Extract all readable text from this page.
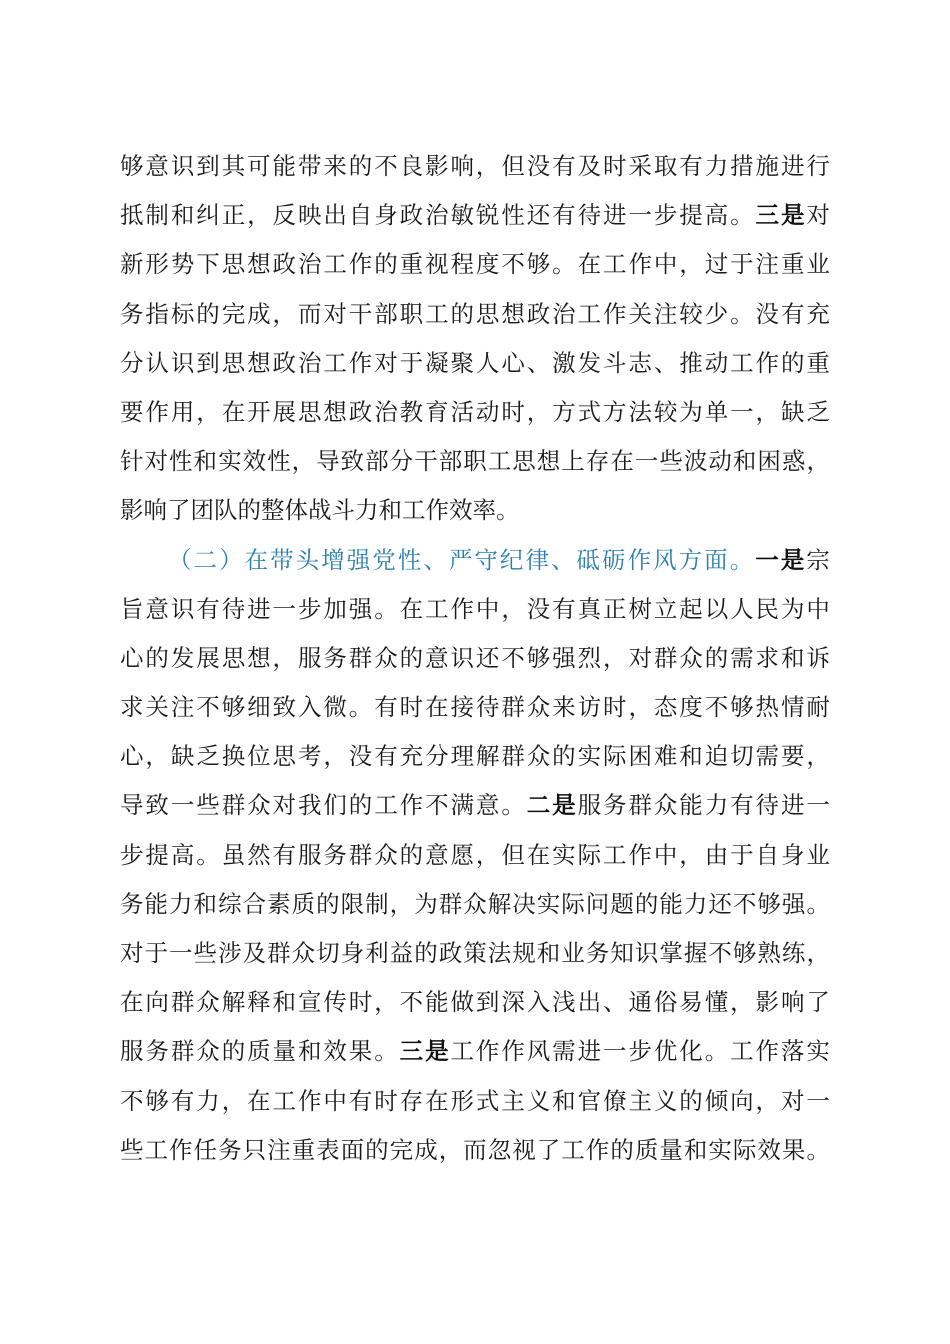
够 意 识 到 其 可 能 带 来 的 不 良 影 响 ， 但 没 有 及 时 采 取 有 力 措 施 进 行
抵 制 和 纠 正 ， 反 映 出 自 身 政 治 敏 锐 性 还 有 待 进 一 步 提 高 。 三 是 对
新 形 势 下 思 想 政 治 工 作 的 重 视 程 度 不 够 。 在 工 作 中 ， 过 于 注 重 业
务 指 标 的 完 成 ， 而 对 干 部 职 工 的 思 想 政 治 工 作 关 注 较 少 。 没 有 充
分 认 识 到 思 想 政 治 工 作 对 于 凝 聚 人 心 、 激 发 斗 志 、 推 动 工 作 的 重
要 作 用 ， 在 开 展 思 想 政 治 教 育 活 动 时 ， 方 式 方 法 较 为 单 一 ， 缺 乏
针 对 性 和 实 效 性 ， 导 致 部 分 干 部 职 工 思 想 上 存 在 一 些 波 动 和 困 惑 ，
影 响 了 团 队 的 整 体 战 斗 力 和 工 作 效 率 。
（ 二 ） 在 带 头 增 强 党 性 、 严 守 纪 律 、 砥 砺 作 风 方 面 。 一 是 宗
旨 意 识 有 待 进 一 步 加 强 。 在 工 作 中 ， 没 有 真 正 树 立 起 以 人 民 为 中
心 的 发 展 思 想 ， 服 务 群 众 的 意 识 还 不 够 强 烈 ， 对 群 众 的 需 求 和 诉
求 关 注 不 够 细 致 入 微 。 有 时 在 接 待 群 众 来 访 时 ， 态 度 不 够 热 情 耐
心 ， 缺 乏 换 位 思 考 ， 没 有 充 分 理 解 群 众 的 实 际 困 难 和 迫 切 需 要 ，
导 致 一 些 群 众 对 我 们 的 工 作 不 满 意 。 二 是 服 务 群 众 能 力 有 待 进 一
步 提 高 。 虽 然 有 服 务 群 众 的 意 愿 ， 但 在 实 际 工 作 中 ， 由 于 自 身 业
务 能 力 和 综 合 素 质 的 限 制 ， 为 群 众 解 决 实 际 问 题 的 能 力 还 不 够 强 。
对 于 一 些 涉 及 群 众 切 身 利 益 的 政 策 法 规 和 业 务 知 识 掌 握 不 够 熟 练 ，
在 向 群 众 解 释 和 宣 传 时 ， 不 能 做 到 深 入 浅 出 、 通 俗 易 懂 ， 影 响 了
服 务 群 众 的 质 量 和 效 果 。 三 是 工 作 作 风 需 进 一 步 优 化 。 工 作 落 实
不 够 有 力 ， 在 工 作 中 有 时 存 在 形 式 主 义 和 官 僚 主 义 的 倾 向 ， 对 一
些 工 作 任 务 只 注 重 表 面 的 完 成 ， 而 忽 视 了 工 作 的 质 量 和 实 际 效 果 。
